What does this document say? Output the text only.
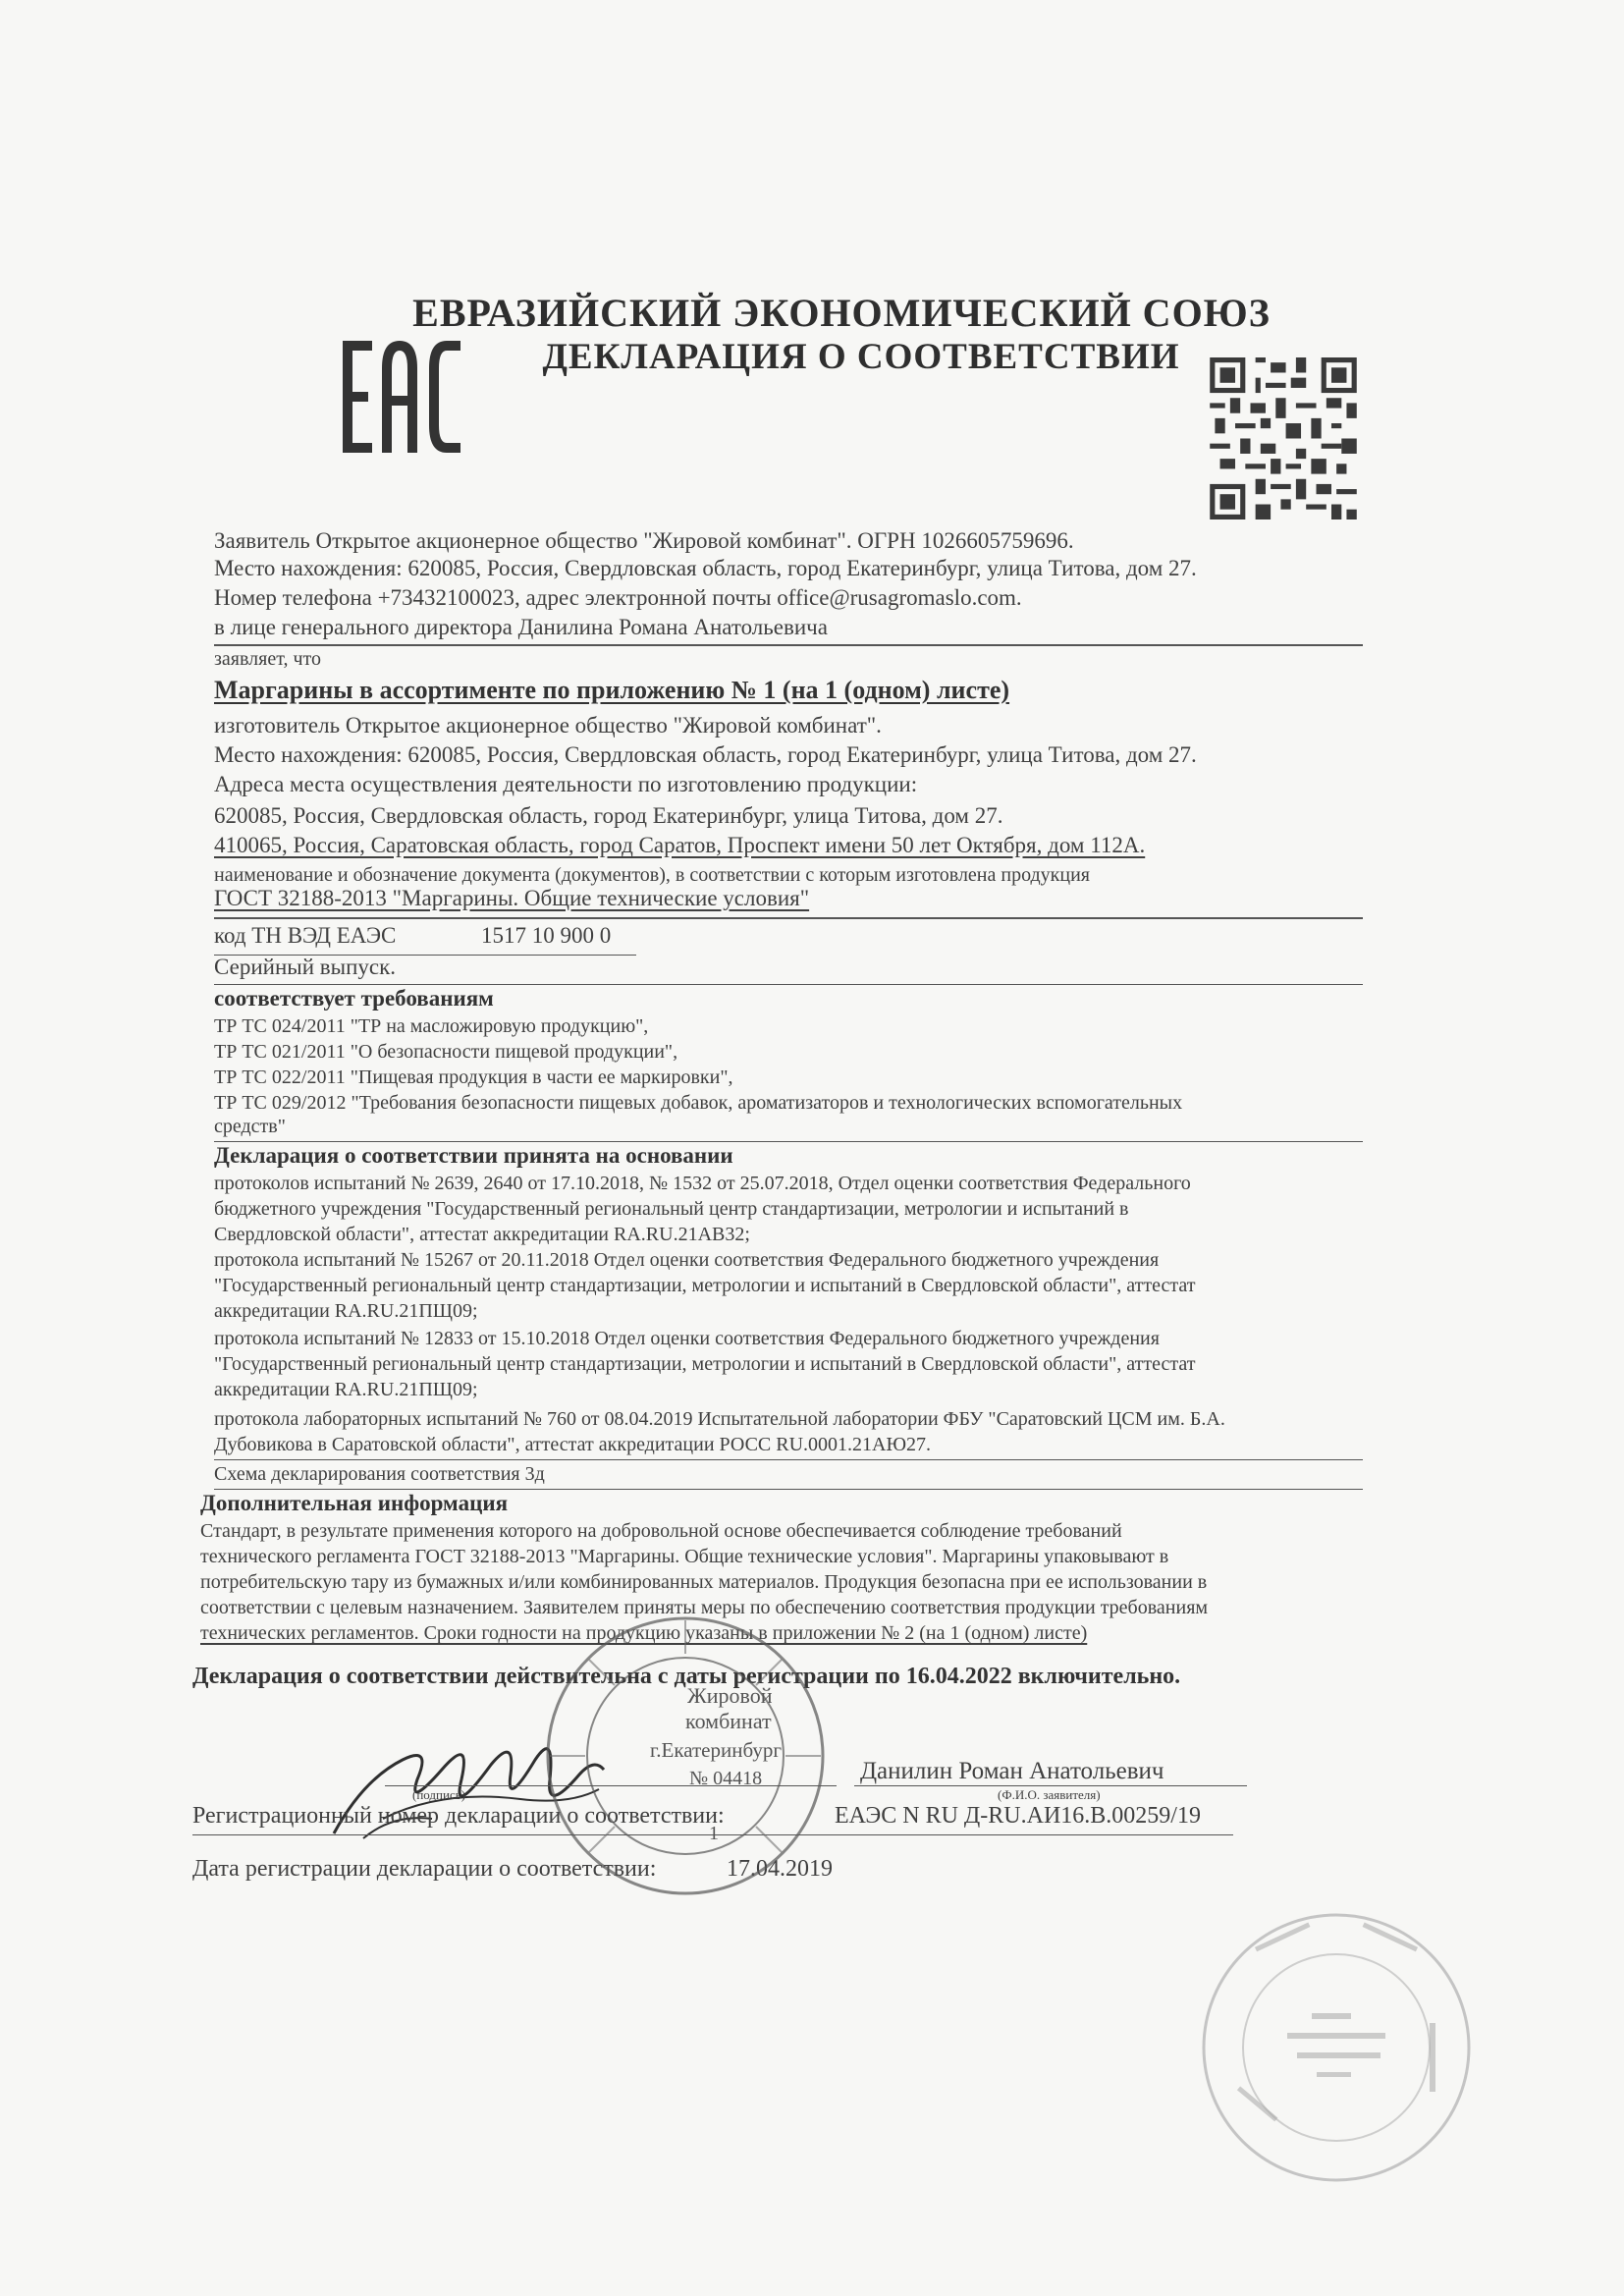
ЕВРАЗИЙСКИЙ ЭКОНОМИЧЕСКИЙ СОЮЗ
ДЕКЛАРАЦИЯ О СООТВЕТСТВИИ
Заявитель Открытое акционерное общество "Жировой комбинат". ОГРН 1026605759696.
Место нахождения: 620085, Россия, Свердловская область, город Екатеринбург, улица Титова, дом 27.
Номер телефона +73432100023, адрес электронной почты office@rusagromaslo.com.
в лице генерального директора Данилина Романа Анатольевича
заявляет, что
Маргарины в ассортименте по приложению № 1 (на 1 (одном) листе)
изготовитель Открытое акционерное общество "Жировой комбинат".
Место нахождения: 620085, Россия, Свердловская область, город Екатеринбург, улица Титова, дом 27.
Адреса места осуществления деятельности по изготовлению продукции:
620085, Россия, Свердловская область, город Екатеринбург, улица Титова, дом 27.
410065, Россия, Саратовская область, город Саратов, Проспект имени 50 лет Октября, дом 112А.
наименование и обозначение документа (документов), в соответствии с которым изготовлена продукция
ГОСТ 32188-2013 "Маргарины. Общие технические условия"
код ТН ВЭД ЕАЭС	1517 10 900 0
Серийный выпуск.
соответствует требованиям
ТР ТС 024/2011 "ТР на масложировую продукцию",
ТР ТС 021/2011 "О безопасности пищевой продукции",
ТР ТС 022/2011 "Пищевая продукция в части ее маркировки",
ТР ТС 029/2012 "Требования безопасности пищевых добавок, ароматизаторов и технологических вспомогательных
средств"
Декларация о соответствии принята на основании
протоколов испытаний № 2639, 2640 от 17.10.2018, № 1532 от 25.07.2018, Отдел оценки соответствия Федерального
бюджетного учреждения "Государственный региональный центр стандартизации, метрологии и испытаний в
Свердловской области", аттестат аккредитации RA.RU.21АВ32;
протокола испытаний № 15267 от 20.11.2018 Отдел оценки соответствия Федерального бюджетного учреждения
"Государственный региональный центр стандартизации, метрологии и испытаний в Свердловской области", аттестат
аккредитации RA.RU.21ПЩ09;
протокола испытаний № 12833 от 15.10.2018 Отдел оценки соответствия Федерального бюджетного учреждения
"Государственный региональный центр стандартизации, метрологии и испытаний в Свердловской области", аттестат
аккредитации RA.RU.21ПЩ09;
протокола лабораторных испытаний № 760 от 08.04.2019 Испытательной лаборатории ФБУ "Саратовский ЦСМ им. Б.А.
Дубовикова в Саратовской области", аттестат аккредитации РОСС RU.0001.21АЮ27.
Схема декларирования соответствия 3д
Дополнительная информация
Стандарт, в результате применения которого на добровольной основе обеспечивается соблюдение требований
технического регламента ГОСТ 32188-2013 "Маргарины. Общие технические условия". Маргарины упаковывают в
потребительскую тару из бумажных и/или комбинированных материалов. Продукция безопасна при ее использовании в
соответствии с целевым назначением. Заявителем приняты меры по обеспечению соответствия продукции требованиям
технических регламентов. Сроки годности на продукцию указаны в приложении № 2 (на 1 (одном) листе)
Декларация о соответствии действительна с даты регистрации по 16.04.2022 включительно.
Данилин Роман Анатольевич
(подпись)	(Ф.И.О. заявителя)
Регистрационный номер декларации о соответствии:	ЕАЭС N RU Д-RU.АИ16.В.00259/19
Дата регистрации декларации о соответствии:	17.04.2019
Жировой
комбинат
г.Екатеринбург
№ 04418
1
